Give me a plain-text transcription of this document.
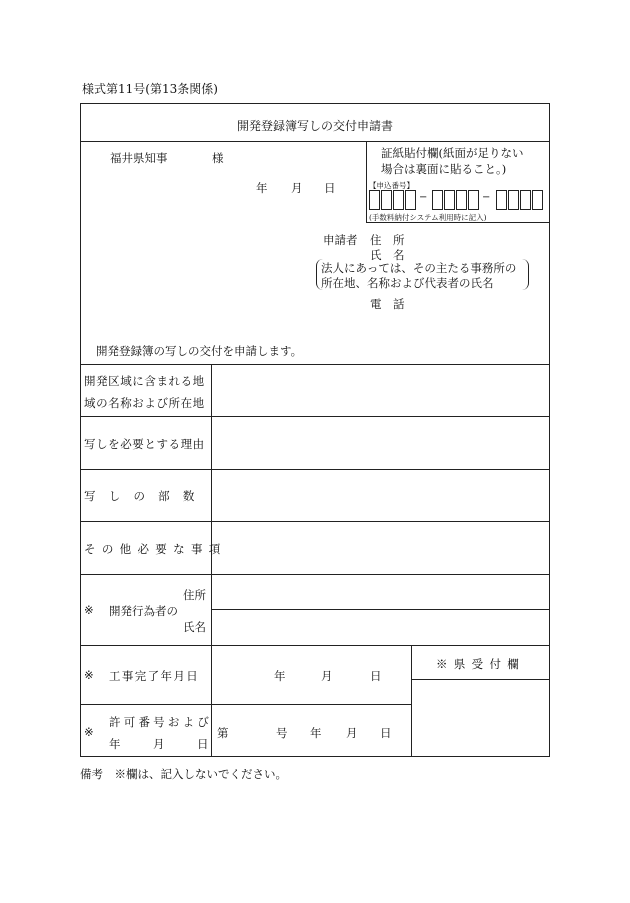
様式第11号(第13条関係)
開発登録簿写しの交付申請書
福井県知事	様
年 月 日
証紙貼付欄(紙面が足りない
場合は裏面に貼ること。)
【申込番号】
−	−
(手数料納付システム利用時に記入)
申請者 住　所
氏　名
法人にあっては、その主たる事務所の
所在地、名称および代表者の氏名
電　話
開発登録簿の写しの交付を申請します。
開発区域に含まれる地
域の名称および所在地
写しを必要とする理由
写しの部数
その他必要な事項
※ 開発行為者の
住所
氏名
※ 工事完了年月日	年	月	日
※県受付欄
※
許可番号および
年	月	日
第	号 年 月 日
備考　※欄は、記入しないでください。
